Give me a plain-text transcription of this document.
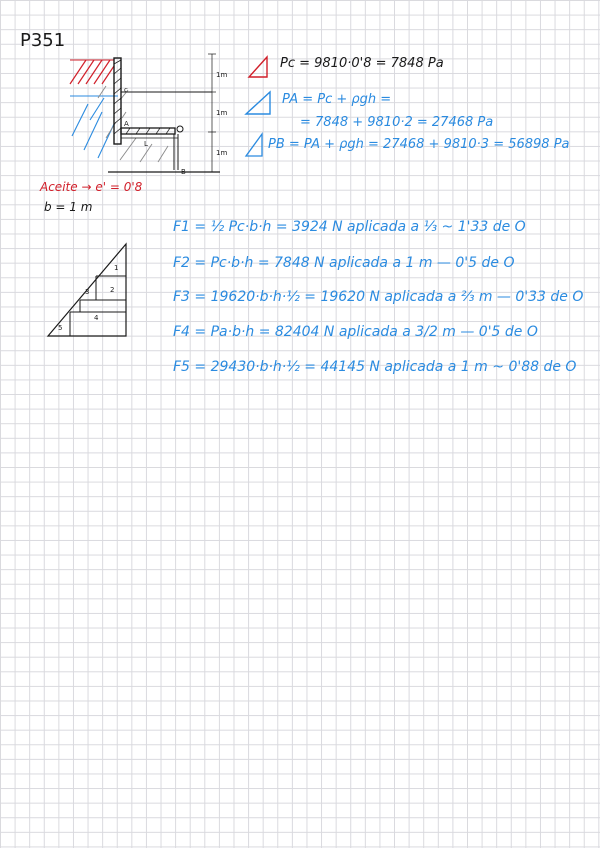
P351
1m
1m
1m
c
A
L
B
Pc = 9810·0'8 = 7848 Pa
PA = Pc + ρgh =
= 7848 + 9810·2 = 27468 Pa
PB = PA + ρgh = 27468 + 9810·3 = 56898 Pa
Aceite → e' = 0'8
b = 1 m
1
2
3
4
5
F1 = ½ Pc·b·h = 3924 N aplicada a ⅓ ~ 1'33 de O
F2 = Pc·b·h = 7848 N aplicada a 1 m — 0'5 de O
F3 = 19620·b·h·½ = 19620 N aplicada a ⅔ m — 0'33 de O
F4 = Pa·b·h = 82404 N aplicada a 3/2 m — 0'5 de O
F5 = 29430·b·h·½ = 44145 N aplicada a 1 m ~ 0'88 de O
